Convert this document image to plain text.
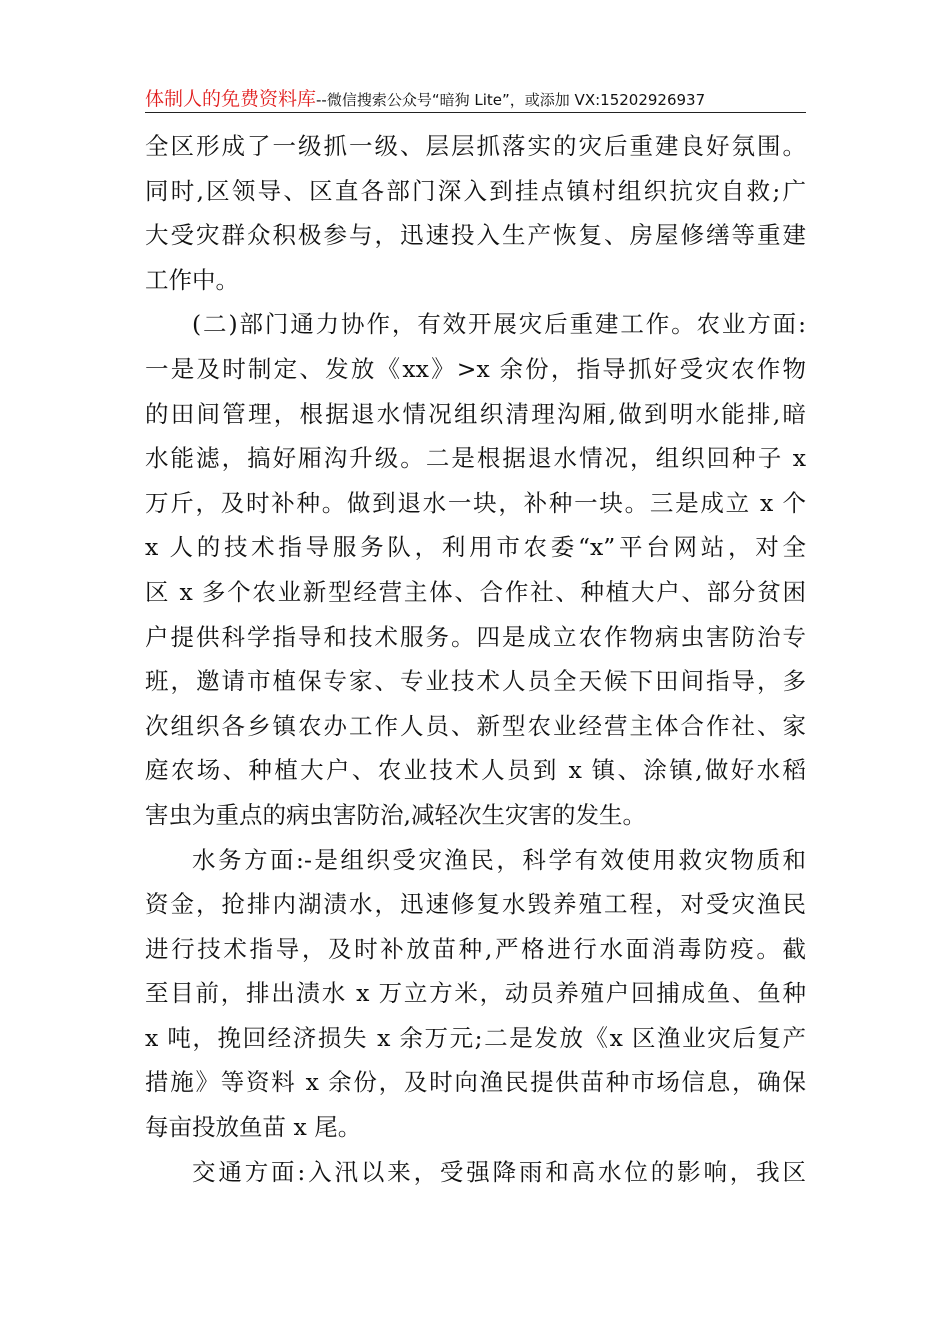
体制人的免费资料库--微信搜索公众号“暗狗 Lite”，或添加 VX:15202926937
全区形成了一级抓一级、层层抓落实的灾后重建良好氛围。
同时,区领导、区直各部门深入到挂点镇村组织抗灾自救;广
大受灾群众积极参与，迅速投入生产恢复、房屋修缮等重建
工作中。
(二)部门通力协作，有效开展灾后重建工作。农业方面:
一是及时制定、发放《xx》>x 余份，指导抓好受灾农作物
的田间管理，根据退水情况组织清理沟厢,做到明水能排,暗
水能滤，搞好厢沟升级。二是根据退水情况，组织回种子 x
万斤，及时补种。做到退水一块，补种一块。三是成立 x 个
x 人的技术指导服务队，利用市农委“x”平台网站，对全
区 x 多个农业新型经营主体、合作社、种植大户、部分贫困
户提供科学指导和技术服务。四是成立农作物病虫害防治专
班，邀请市植保专家、专业技术人员全天候下田间指导，多
次组织各乡镇农办工作人员、新型农业经营主体合作社、家
庭农场、种植大户、农业技术人员到 x 镇、涂镇,做好水稻
害虫为重点的病虫害防治,减轻次生灾害的发生。
水务方面:-是组织受灾渔民，科学有效使用救灾物质和
资金，抢排内湖渍水，迅速修复水毁养殖工程，对受灾渔民
进行技术指导，及时补放苗种,严格进行水面消毒防疫。截
至目前，排出渍水 x 万立方米，动员养殖户回捕成鱼、鱼种
x 吨，挽回经济损失 x 余万元;二是发放《x 区渔业灾后复产
措施》等资料 x 余份，及时向渔民提供苗种市场信息，确保
每亩投放鱼苗 x 尾。
交通方面:入汛以来，受强降雨和高水位的影响，我区
